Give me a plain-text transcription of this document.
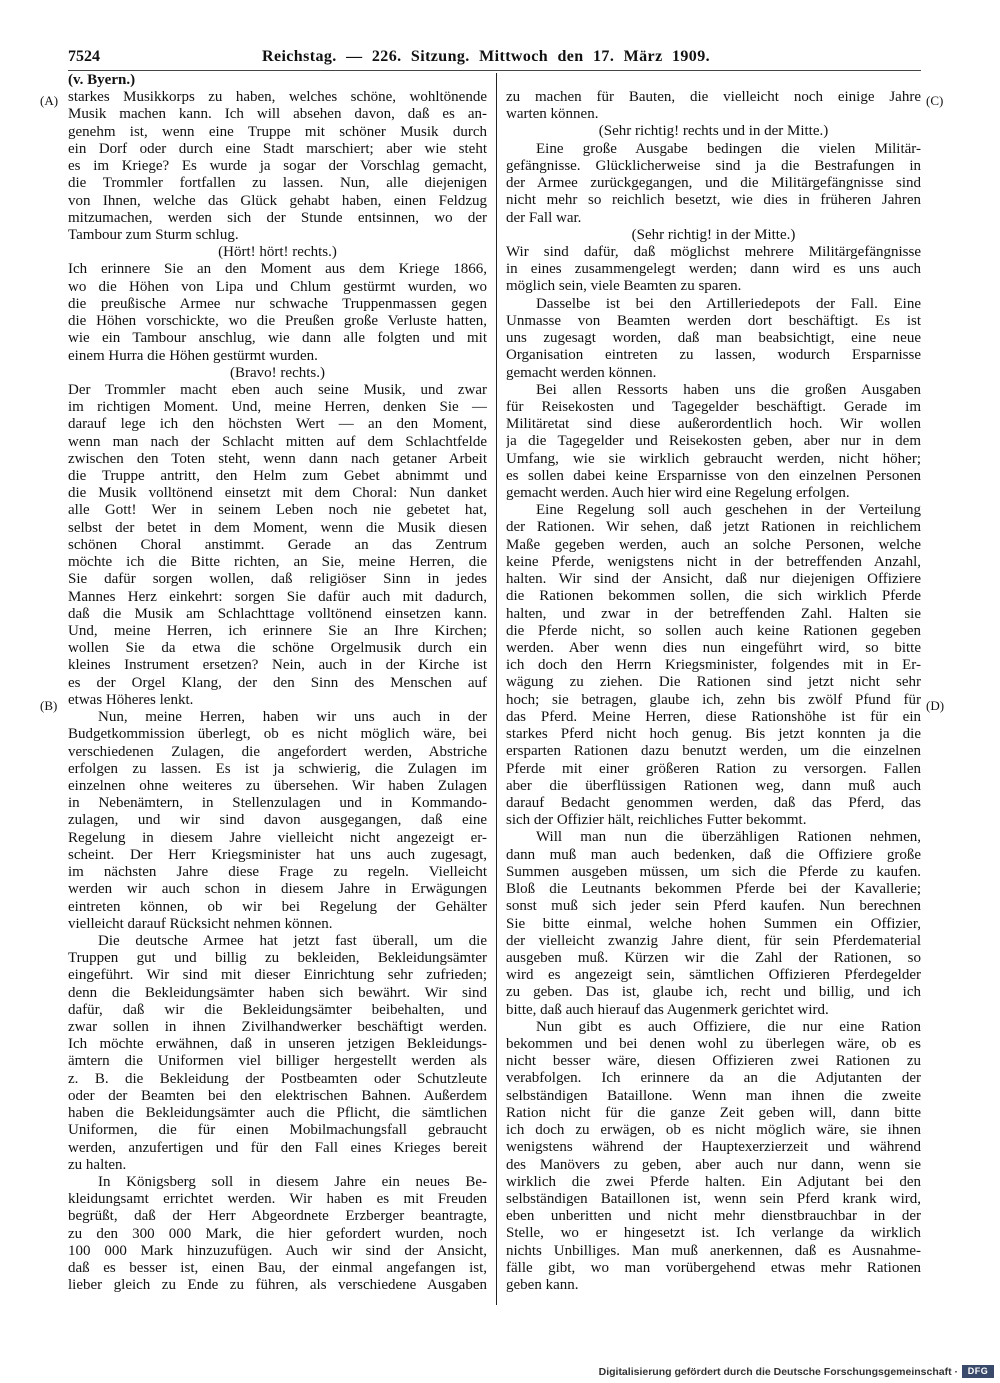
7524	Reichstag. — 226. Sitzung. Mittwoch den 17. März 1909.
(A)
(B)
(C)
(D)
(v. Byern.)
starkes Musikkorps zu haben, welches schöne, wohltönende
Musik machen kann. Ich will absehen davon, daß es an-
genehm ist, wenn eine Truppe mit schöner Musik durch
ein Dorf oder durch eine Stadt marschiert; aber wie steht
es im Kriege? Es wurde ja sogar der Vorschlag gemacht,
die Trommler fortfallen zu lassen. Nun, alle diejenigen
von Ihnen, welche das Glück gehabt haben, einen Feldzug
mitzumachen, werden sich der Stunde entsinnen, wo der
Tambour zum Sturm schlug.
(Hört! hört! rechts.)
Ich erinnere Sie an den Moment aus dem Kriege 1866,
wo die Höhen von Lipa und Chlum gestürmt wurden, wo
die preußische Armee nur schwache Truppenmassen gegen
die Höhen vorschickte, wo die Preußen große Verluste hatten,
wie ein Tambour anschlug, wie dann alle folgten und mit
einem Hurra die Höhen gestürmt wurden.
(Bravo! rechts.)
Der Trommler macht eben auch seine Musik, und zwar
im richtigen Moment. Und, meine Herren, denken Sie —
darauf lege ich den höchsten Wert — an den Moment,
wenn man nach der Schlacht mitten auf dem Schlachtfelde
zwischen den Toten steht, wenn dann nach getaner Arbeit
die Truppe antritt, den Helm zum Gebet abnimmt und
die Musik volltönend einsetzt mit dem Choral: Nun danket
alle Gott! Wer in seinem Leben noch nie gebetet hat,
selbst der betet in dem Moment, wenn die Musik diesen
schönen Choral anstimmt. Gerade an das Zentrum
möchte ich die Bitte richten, an Sie, meine Herren, die
Sie dafür sorgen wollen, daß religiöser Sinn in jedes
Mannes Herz einkehrt: sorgen Sie dafür auch mit dadurch,
daß die Musik am Schlachttage volltönend einsetzen kann.
Und, meine Herren, ich erinnere Sie an Ihre Kirchen;
wollen Sie da etwa die schöne Orgelmusik durch ein
kleines Instrument ersetzen? Nein, auch in der Kirche ist
es der Orgel Klang, der den Sinn des Menschen auf
etwas Höheres lenkt.
Nun, meine Herren, haben wir uns auch in der
Budgetkommission überlegt, ob es nicht möglich wäre, bei
verschiedenen Zulagen, die angefordert werden, Abstriche
erfolgen zu lassen. Es ist ja schwierig, die Zulagen im
einzelnen ohne weiteres zu übersehen. Wir haben Zulagen
in Nebenämtern, in Stellenzulagen und in Kommando-
zulagen, und wir sind davon ausgegangen, daß eine
Regelung in diesem Jahre vielleicht nicht angezeigt er-
scheint. Der Herr Kriegsminister hat uns auch zugesagt,
im nächsten Jahre diese Frage zu regeln. Vielleicht
werden wir auch schon in diesem Jahre in Erwägungen
eintreten können, ob wir bei Regelung der Gehälter
vielleicht darauf Rücksicht nehmen können.
Die deutsche Armee hat jetzt fast überall, um die
Truppen gut und billig zu bekleiden, Bekleidungsämter
eingeführt. Wir sind mit dieser Einrichtung sehr zufrieden;
denn die Bekleidungsämter haben sich bewährt. Wir sind
dafür, daß wir die Bekleidungsämter beibehalten, und
zwar sollen in ihnen Zivilhandwerker beschäftigt werden.
Ich möchte erwähnen, daß in unseren jetzigen Bekleidungs-
ämtern die Uniformen viel billiger hergestellt werden als
z. B. die Bekleidung der Postbeamten oder Schutzleute
oder der Beamten bei den elektrischen Bahnen. Außerdem
haben die Bekleidungsämter auch die Pflicht, die sämtlichen
Uniformen, die für einen Mobilmachungsfall gebraucht
werden, anzufertigen und für den Fall eines Krieges bereit
zu halten.
In Königsberg soll in diesem Jahre ein neues Be-
kleidungsamt errichtet werden. Wir haben es mit Freuden
begrüßt, daß der Herr Abgeordnete Erzberger beantragte,
zu den 300 000 Mark, die hier gefordert wurden, noch
100 000 Mark hinzuzufügen. Auch wir sind der Ansicht,
daß es besser ist, einen Bau, der einmal angefangen ist,
lieber gleich zu Ende zu führen, als verschiedene Ausgaben
zu machen für Bauten, die vielleicht noch einige Jahre
warten können.
(Sehr richtig! rechts und in der Mitte.)
Eine große Ausgabe bedingen die vielen Militär-
gefängnisse. Glücklicherweise sind ja die Bestrafungen in
der Armee zurückgegangen, und die Militärgefängnisse sind
nicht mehr so reichlich besetzt, wie dies in früheren Jahren
der Fall war.
(Sehr richtig! in der Mitte.)
Wir sind dafür, daß möglichst mehrere Militärgefängnisse
in eines zusammengelegt werden; dann wird es uns auch
möglich sein, viele Beamten zu sparen.
Dasselbe ist bei den Artilleriedepots der Fall. Eine
Unmasse von Beamten werden dort beschäftigt. Es ist
uns zugesagt worden, daß man beabsichtigt, eine neue
Organisation eintreten zu lassen, wodurch Ersparnisse
gemacht werden können.
Bei allen Ressorts haben uns die großen Ausgaben
für Reisekosten und Tagegelder beschäftigt. Gerade im
Militäretat sind diese außerordentlich hoch. Wir wollen
ja die Tagegelder und Reisekosten geben, aber nur in dem
Umfang, wie sie wirklich gebraucht werden, nicht höher;
es sollen dabei keine Ersparnisse von den einzelnen Personen
gemacht werden. Auch hier wird eine Regelung erfolgen.
Eine Regelung soll auch geschehen in der Verteilung
der Rationen. Wir sehen, daß jetzt Rationen in reichlichem
Maße gegeben werden, auch an solche Personen, welche
keine Pferde, wenigstens nicht in der betreffenden Anzahl,
halten. Wir sind der Ansicht, daß nur diejenigen Offiziere
die Rationen bekommen sollen, die sich wirklich Pferde
halten, und zwar in der betreffenden Zahl. Halten sie
die Pferde nicht, so sollen auch keine Rationen gegeben
werden. Aber wenn dies nun eingeführt wird, so bitte
ich doch den Herrn Kriegsminister, folgendes mit in Er-
wägung zu ziehen. Die Rationen sind jetzt nicht sehr
hoch; sie betragen, glaube ich, zehn bis zwölf Pfund für
das Pferd. Meine Herren, diese Rationshöhe ist für ein
starkes Pferd nicht hoch genug. Bis jetzt konnten ja die
ersparten Rationen dazu benutzt werden, um die einzelnen
Pferde mit einer größeren Ration zu versorgen. Fallen
aber die überflüssigen Rationen weg, dann muß auch
darauf Bedacht genommen werden, daß das Pferd, das
sich der Offizier hält, reichliches Futter bekommt.
Will man nun die überzähligen Rationen nehmen,
dann muß man auch bedenken, daß die Offiziere große
Summen ausgeben müssen, um sich die Pferde zu kaufen.
Bloß die Leutnants bekommen Pferde bei der Kavallerie;
sonst muß sich jeder sein Pferd kaufen. Nun berechnen
Sie bitte einmal, welche hohen Summen ein Offizier,
der vielleicht zwanzig Jahre dient, für sein Pferdematerial
ausgeben muß. Kürzen wir die Zahl der Rationen, so
wird es angezeigt sein, sämtlichen Offizieren Pferdegelder
zu geben. Das ist, glaube ich, recht und billig, und ich
bitte, daß auch hierauf das Augenmerk gerichtet wird.
Nun gibt es auch Offiziere, die nur eine Ration
bekommen und bei denen wohl zu überlegen wäre, ob es
nicht besser wäre, diesen Offizieren zwei Rationen zu
verabfolgen. Ich erinnere da an die Adjutanten der
selbständigen Bataillone. Wenn man ihnen die zweite
Ration nicht für die ganze Zeit geben will, dann bitte
ich doch zu erwägen, ob es nicht möglich wäre, sie ihnen
wenigstens während der Hauptexerzierzeit und während
des Manövers zu geben, aber auch nur dann, wenn sie
wirklich die zwei Pferde halten. Ein Adjutant bei den
selbständigen Bataillonen ist, wenn sein Pferd krank wird,
eben unberitten und nicht mehr dienstbrauchbar in der
Stelle, wo er hingesetzt ist. Ich verlange da wirklich
nichts Unbilliges. Man muß anerkennen, daß es Ausnahme-
fälle gibt, wo man vorübergehend etwas mehr Rationen
geben kann.
Digitalisierung gefördert durch die Deutsche Forschungsgemeinschaft ·	DFG
